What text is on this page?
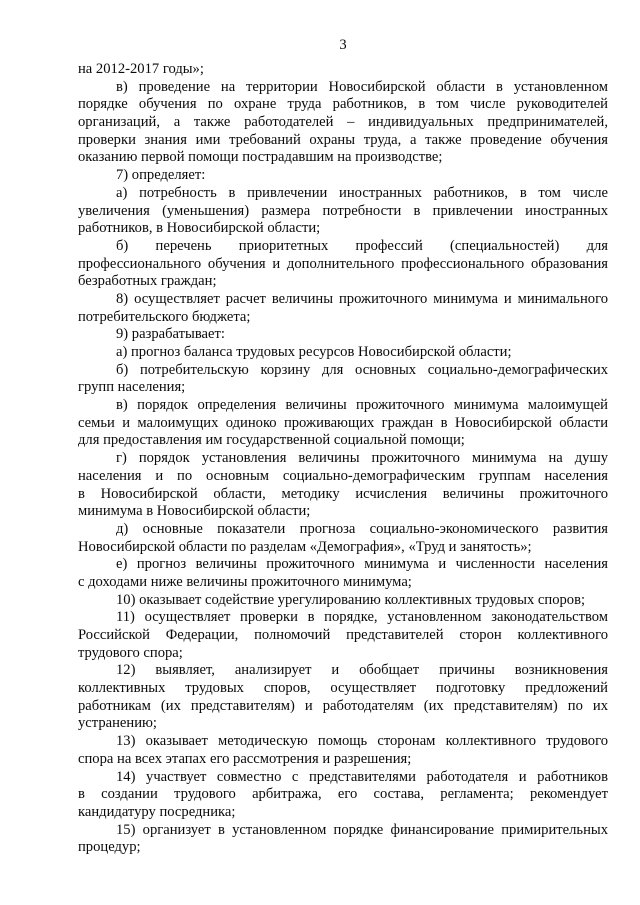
3
на 2012-2017 годы»;
в) проведение на территории Новосибирской области в установленном
порядке обучения по охране труда работников, в том числе руководителей
организаций, а также работодателей – индивидуальных предпринимателей,
проверки знания ими требований охраны труда, а также проведение обучения
оказанию первой помощи пострадавшим на производстве;
7) определяет:
а) потребность в привлечении иностранных работников, в том числе
увеличения (уменьшения) размера потребности в привлечении иностранных
работников, в Новосибирской области;
б) перечень приоритетных профессий (специальностей) для
профессионального обучения и дополнительного профессионального образования
безработных граждан;
8) осуществляет расчет величины прожиточного минимума и минимального
потребительского бюджета;
9) разрабатывает:
а) прогноз баланса трудовых ресурсов Новосибирской области;
б) потребительскую корзину для основных социально-демографических
групп населения;
в) порядок определения величины прожиточного минимума малоимущей
семьи и малоимущих одиноко проживающих граждан в Новосибирской области
для предоставления им государственной социальной помощи;
г) порядок установления величины прожиточного минимума на душу
населения и по основным социально-демографическим группам населения
в Новосибирской области, методику исчисления величины прожиточного
минимума в Новосибирской области;
д) основные показатели прогноза социально-экономического развития
Новосибирской области по разделам «Демография», «Труд и занятость»;
е) прогноз величины прожиточного минимума и численности населения
с доходами ниже величины прожиточного минимума;
10) оказывает содействие урегулированию коллективных трудовых споров;
11) осуществляет проверки в порядке, установленном законодательством
Российской Федерации, полномочий представителей сторон коллективного
трудового спора;
12) выявляет, анализирует и обобщает причины возникновения
коллективных трудовых споров, осуществляет подготовку предложений
работникам (их представителям) и работодателям (их представителям) по их
устранению;
13) оказывает методическую помощь сторонам коллективного трудового
спора на всех этапах его рассмотрения и разрешения;
14) участвует совместно с представителями работодателя и работников
в создании трудового арбитража, его состава, регламента; рекомендует
кандидатуру посредника;
15) организует в установленном порядке финансирование примирительных
процедур;
